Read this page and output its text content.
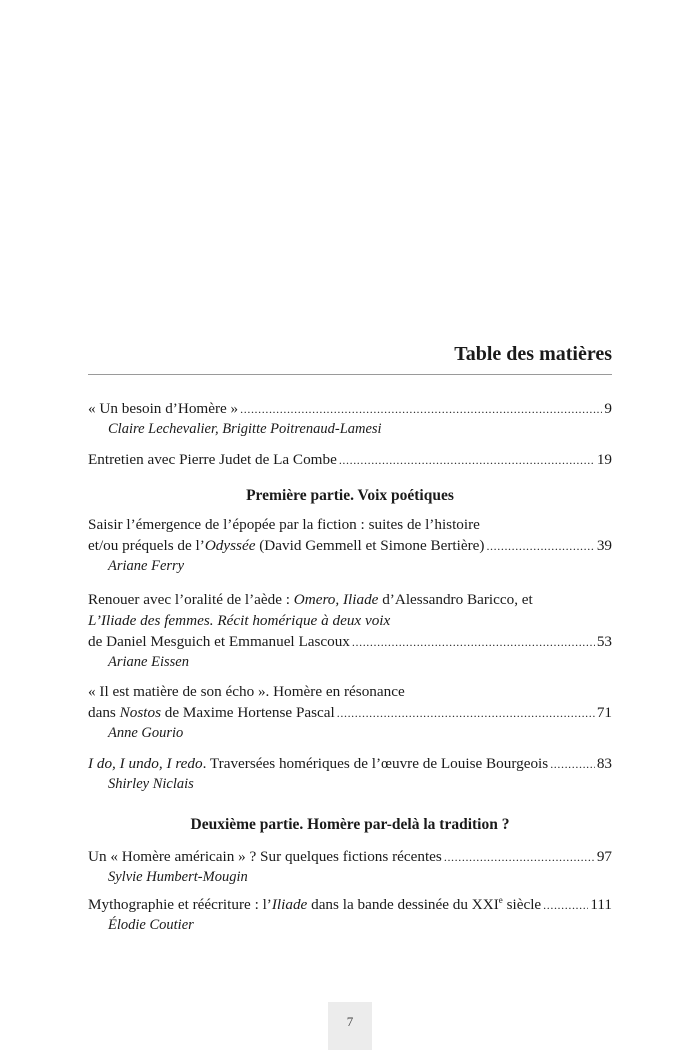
Table des matières
Première partie. Voix poétiques
Deuxième partie. Homère par-delà la tradition ?
« Un besoin d’Homère » .....	9
Claire Lechevalier, Brigitte Poitrenaud-Lamesi
Entretien avec Pierre Judet de La Combe .....	19
Saisir l’émergence de l’épopée par la fiction : suites de l’histoire
et/ou préquels de l’Odyssée (David Gemmell et Simone Bertière) .....	39
Ariane Ferry
Renouer avec l’oralité de l’aède : Omero, Iliade d’Alessandro Baricco, et
L’Iliade des femmes. Récit homérique à deux voix
de Daniel Mesguich et Emmanuel Lascoux .....	53
Ariane Eissen
« Il est matière de son écho ». Homère en résonance
dans Nostos de Maxime Hortense Pascal .....	71
Anne Gourio
I do, I undo, I redo. Traversées homériques de l’œuvre de Louise Bourgeois .....	83
Shirley Niclais
Un « Homère américain » ? Sur quelques fictions récentes .....	97
Sylvie Humbert-Mougin
Mythographie et réécriture : l’Iliade dans la bande dessinée du XXIe siècle .....	111
Élodie Coutier
7
